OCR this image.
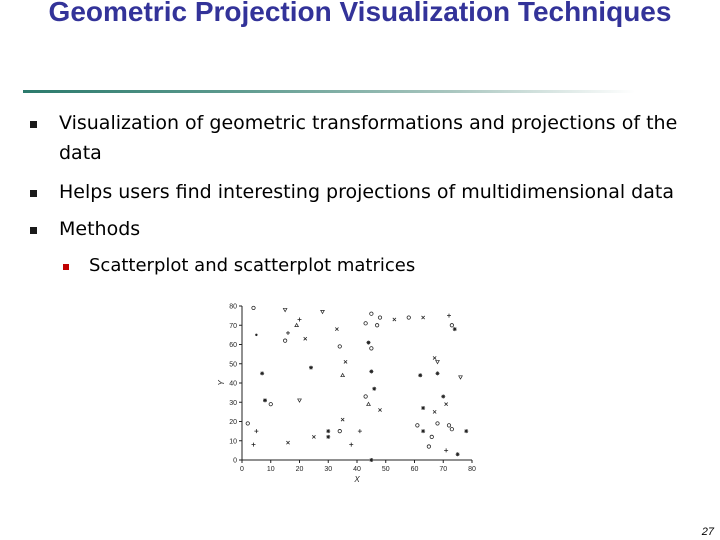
Geometric Projection Visualization Techniques
Visualization of geometric transformations and projections of the data
Helps users find interesting projections of multidimensional data
Methods
Scatterplot and scatterplot matrices
0	10	20	30	40	50	60	70	80
0
10
20
30
40
50
60
70
80
X
Y
27
